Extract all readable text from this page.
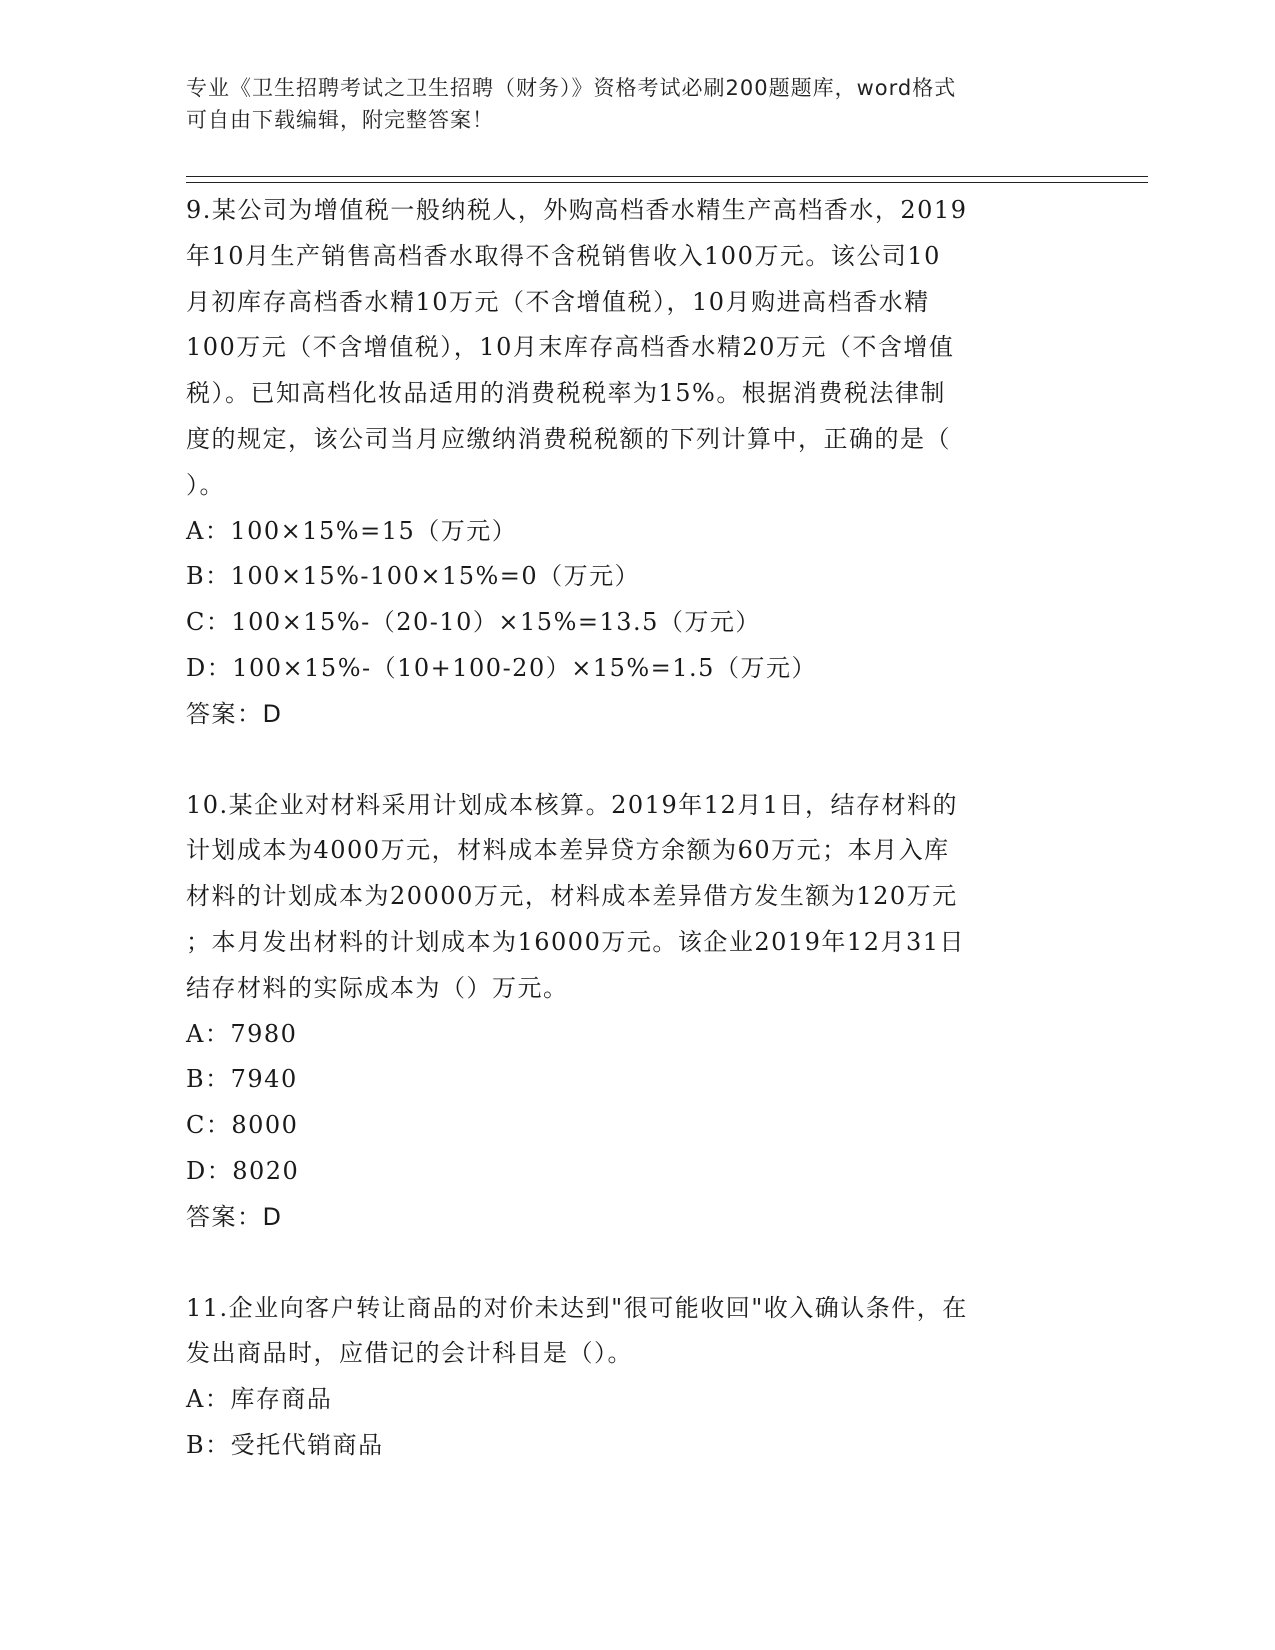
专业《卫生招聘考试之卫生招聘（财务）》资格考试必刷200题题库，word格式
可自由下载编辑，附完整答案！
9.某公司为增值税一般纳税人，外购高档香水精生产高档香水，2019
年10月生产销售高档香水取得不含税销售收入100万元。该公司10
月初库存高档香水精10万元（不含增值税），10月购进高档香水精
100万元（不含增值税），10月末库存高档香水精20万元（不含增值
税）。已知高档化妆品适用的消费税税率为15%。根据消费税法律制
度的规定，该公司当月应缴纳消费税税额的下列计算中，正确的是（
）。
A：100×15%=15（万元）
B：100×15%-100×15%=0（万元）
C：100×15%-（20-10）×15%=13.5（万元）
D：100×15%-（10+100-20）×15%=1.5（万元）
答案：D
10.某企业对材料采用计划成本核算。2019年12月1日，结存材料的
计划成本为4000万元，材料成本差异贷方余额为60万元；本月入库
材料的计划成本为20000万元，材料成本差异借方发生额为120万元
；本月发出材料的计划成本为16000万元。该企业2019年12月31日
结存材料的实际成本为（）万元。
A：7980
B：7940
C：8000
D：8020
答案：D
11.企业向客户转让商品的对价未达到"很可能收回"收入确认条件，在
发出商品时，应借记的会计科目是（）。
A：库存商品
B：受托代销商品
